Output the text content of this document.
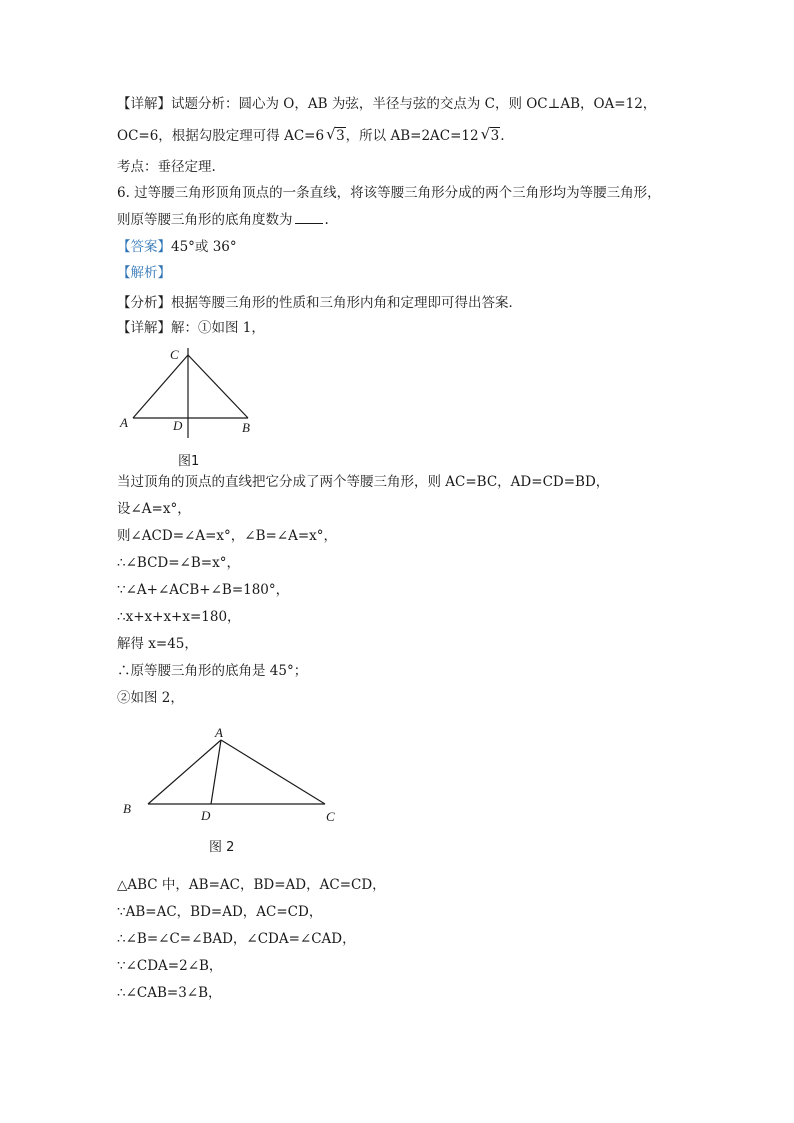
【详解】试题分析：圆心为 O，AB 为弦，半径与弦的交点为 C，则 OC⊥AB，OA=12，
OC=6，根据勾股定理可得 AC=6 √ 3，所以 AB=2AC=12 √ 3.
考点：垂径定理.
6. 过等腰三角形顶角顶点的一条直线，将该等腰三角形分成的两个三角形均为等腰三角形，
则原等腰三角形的底角度数为 .
【答案】45°或 36°
【解析】
【分析】根据等腰三角形的性质和三角形内角和定理即可得出答案．
【详解】解：①如图 1，
C
A	D	B
图1
当过顶角的顶点的直线把它分成了两个等腰三角形，则 AC=BC，AD=CD=BD，
设∠A=x°，
则∠ACD=∠A=x°，∠B=∠A=x°，
∴∠BCD=∠B=x°，
∵∠A+∠ACB+∠B=180°，
∴x+x+x+x=180，
解得 x=45，
∴原等腰三角形的底角是 45°；
②如图 2，
A
B	D	C
图 2
△ABC 中，AB=AC，BD=AD，AC=CD，
∵AB=AC，BD=AD，AC=CD，
∴∠B=∠C=∠BAD，∠CDA=∠CAD，
∵∠CDA=2∠B，
∴∠CAB=3∠B，
